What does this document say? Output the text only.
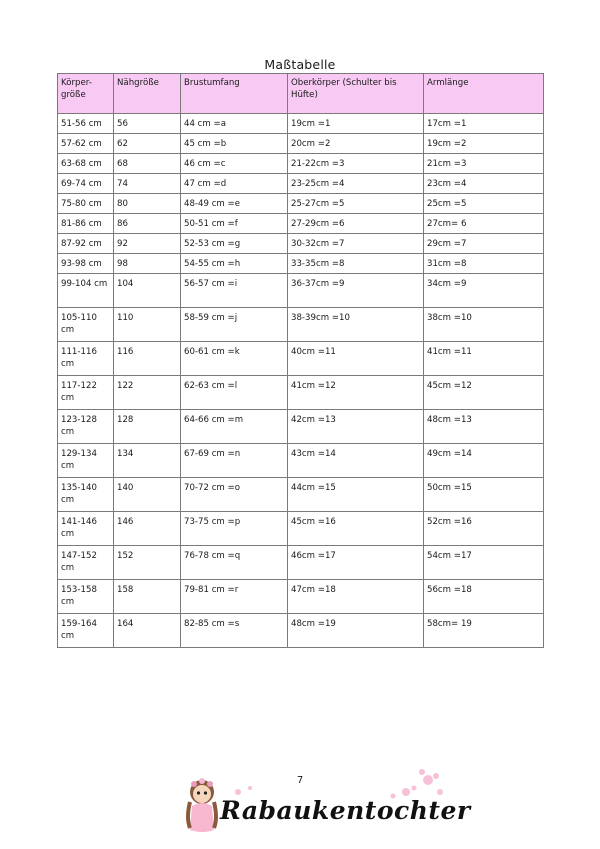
Maßtabelle
Körper-größe	Nähgröße	Brustumfang	Oberkörper (Schulter bis Hüfte)	Armlänge
51-56 cm	56	44 cm =a	19cm =1	17cm =1
57-62 cm	62	45 cm =b	20cm =2	19cm =2
63-68 cm	68	46 cm =c	21-22cm =3	21cm =3
69-74 cm	74	47 cm =d	23-25cm =4	23cm =4
75-80 cm	80	48-49 cm =e	25-27cm =5	25cm =5
81-86 cm	86	50-51 cm =f	27-29cm =6	27cm= 6
87-92 cm	92	52-53 cm =g	30-32cm =7	29cm =7
93-98 cm	98	54-55 cm =h	33-35cm =8	31cm =8
99-104 cm	104	56-57 cm =i	36-37cm =9	34cm =9
105-110 cm	110	58-59 cm =j	38-39cm =10	38cm =10
111-116 cm	116	60-61 cm =k	40cm =11	41cm =11
117-122 cm	122	62-63 cm =l	41cm =12	45cm =12
123-128 cm	128	64-66 cm =m	42cm =13	48cm =13
129-134 cm	134	67-69 cm =n	43cm =14	49cm =14
135-140 cm	140	70-72 cm =o	44cm =15	50cm =15
141-146 cm	146	73-75 cm =p	45cm =16	52cm =16
147-152 cm	152	76-78 cm =q	46cm =17	54cm =17
153-158 cm	158	79-81 cm =r	47cm =18	56cm =18
159-164 cm	164	82-85 cm =s	48cm =19	58cm= 19
7
Rabaukentochter
